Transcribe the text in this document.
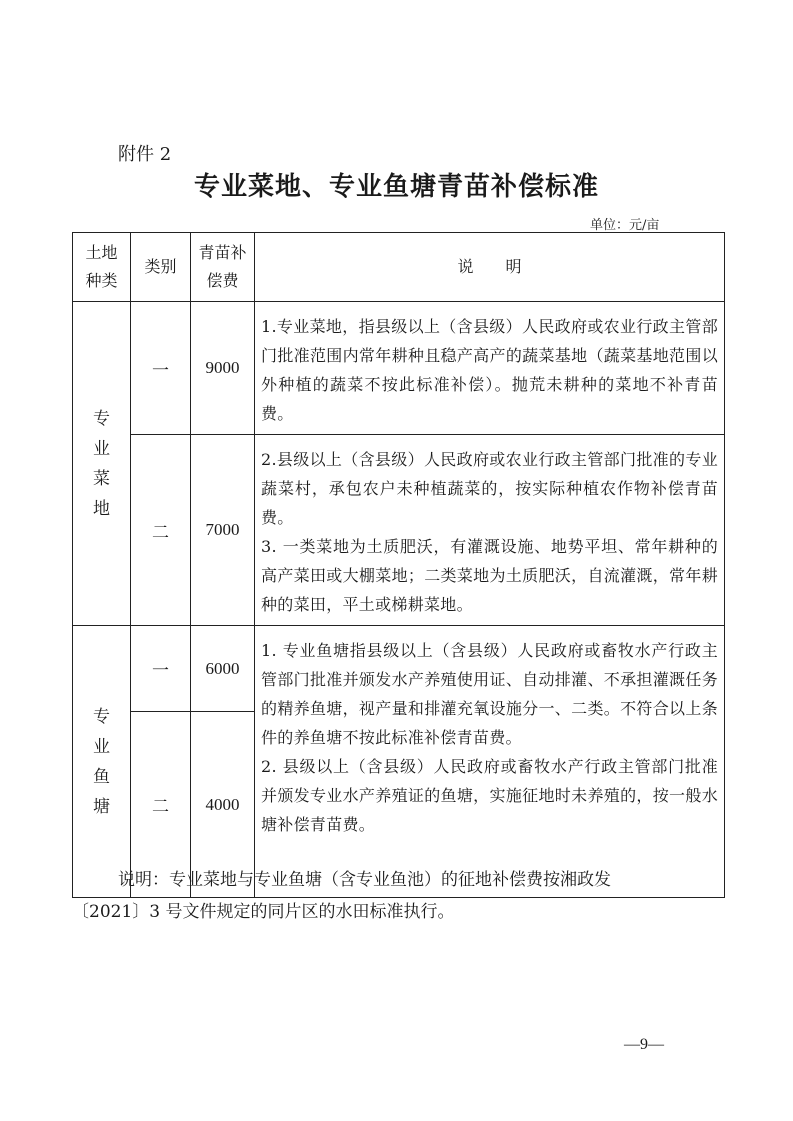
附件 2
专业菜地、专业鱼塘青苗补偿标准
单位：元/亩
土地种类	类别	青苗补偿费	说　　明

专业菜地	一	9000	1.专业菜地，指县级以上（含县级）人民政府或农业行政主管部门批准范围内常年耕种且稳产高产的蔬菜基地（蔬菜基地范围以外种植的蔬菜不按此标准补偿）。抛荒未耕种的菜地不补青苗费。

	二	7000	2.县级以上（含县级）人民政府或农业行政主管部门批准的专业蔬菜村，承包农户未种植蔬菜的，按实际种植农作物补偿青苗费。

3. 一类菜地为土质肥沃，有灌溉设施、地势平坦、常年耕种的高产菜田或大棚菜地；二类菜地为土质肥沃，自流灌溉，常年耕种的菜田，平土或梯耕菜地。

专业鱼塘	一	6000	1. 专业鱼塘指县级以上（含县级）人民政府或畜牧水产行政主管部门批准并颁发水产养殖使用证、自动排灌、不承担灌溉任务的精养鱼塘，视产量和排灌充氧设施分一、二类。不符合以上条件的养鱼塘不按此标准补偿青苗费。

2. 县级以上（含县级）人民政府或畜牧水产行政主管部门批准并颁发专业水产养殖证的鱼塘，实施征地时未养殖的，按一般水塘补偿青苗费。

	二	4000	
说明：专业菜地与专业鱼塘（含专业鱼池）的征地补偿费按湘政发
〔2021〕3 号文件规定的同片区的水田标准执行。
—9—
